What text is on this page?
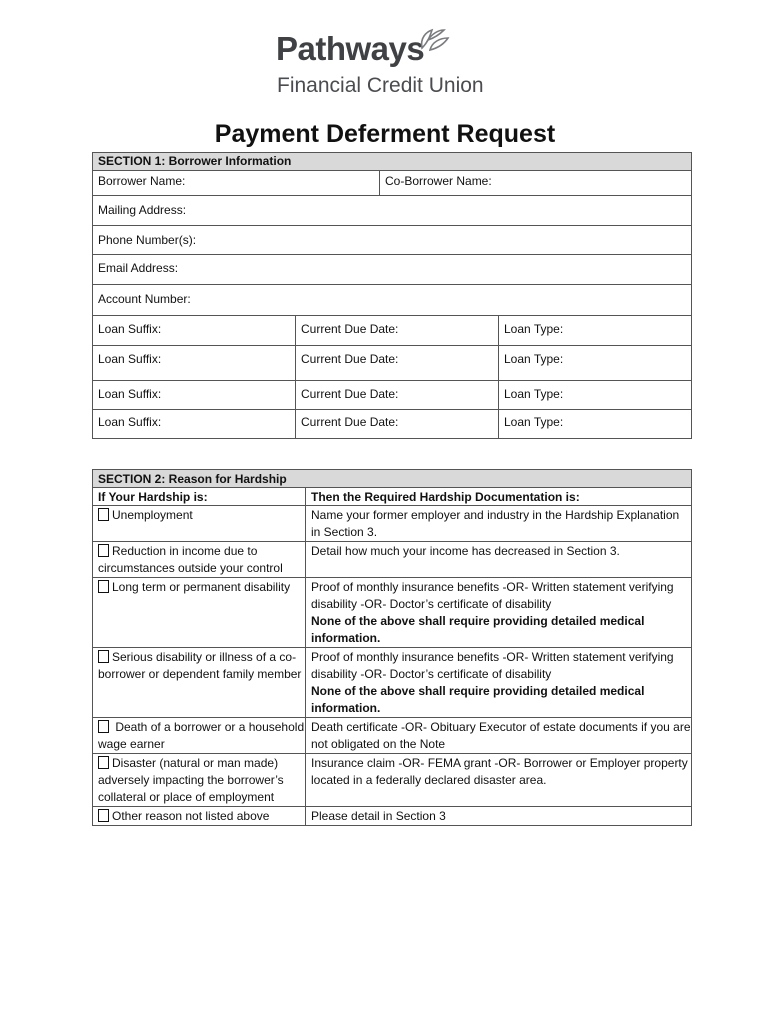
Pathways
Financial Credit Union
Payment Deferment Request
SECTION 1: Borrower Information			
Borrower Name:		Co-Borrower Name:	
Mailing Address:			
Phone Number(s):			
Email Address:			
Account Number:			
Loan Suffix:	Current Due Date:		Loan Type:
Loan Suffix:	Current Due Date:		Loan Type:
Loan Suffix:	Current Due Date:		Loan Type:
Loan Suffix:	Current Due Date:		Loan Type:
SECTION 2: Reason for Hardship	
If Your Hardship is:	Then the Required Hardship Documentation is:
Unemployment	Name your former employer and industry in the Hardship Explanation in Section 3.

Reduction in income due to circumstances outside your control	Detail how much your income has decreased in Section 3.

Long term or permanent disability	Proof of monthly insurance benefits -OR- Written statement verifying disability -OR- Doctor’s certificate of disability
None of the above shall require providing detailed medical information.

Serious disability or illness of a co-borrower or dependent family member	Proof of monthly insurance benefits -OR- Written statement verifying disability -OR- Doctor’s certificate of disability
None of the above shall require providing detailed medical information.

Death of a borrower or a household wage earner	Death certificate -OR- Obituary Executor of estate documents if you are not obligated on the Note

Disaster (natural or man made) adversely impacting the borrower’s collateral or place of employment	Insurance claim -OR- FEMA grant -OR- Borrower or Employer property located in a federally declared disaster area.

Other reason not listed above	Please detail in Section 3
